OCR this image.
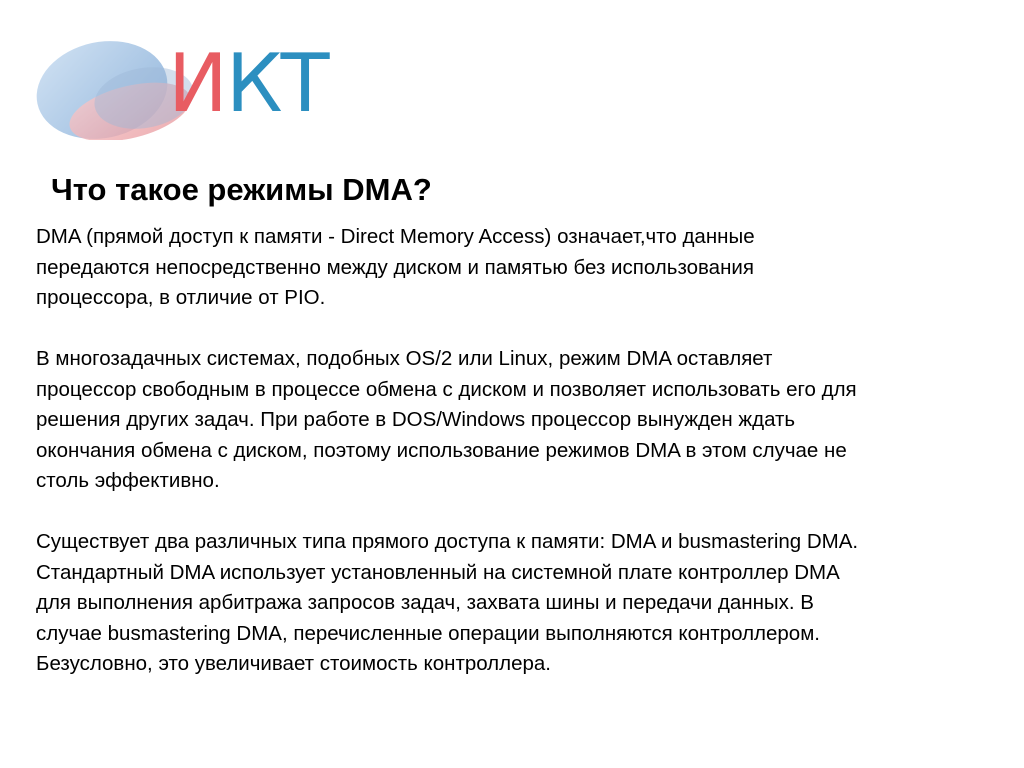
ИКТ
Что такое режимы DMA?

DMA (прямой доступ к памяти - Direct Memory Access) означает,что данные
передаются непосредственно между диском и памятью без использования
процессора, в отличие от PIO.

В многозадачных системах, подобных OS/2 или Linux, режим DMA оставляет
процессор свободным в процессе обмена с диском и позволяет использовать его для
решения других задач. При работе в DOS/Windows процессор вынужден ждать
окончания обмена с диском, поэтому использование режимов DMA в этом случае не
столь эффективно.

Существует два различных типа прямого доступа к памяти: DMA и busmastering DMA.
Стандартный DMA использует установленный на системной плате контроллер DMA
для выполнения арбитража запросов задач, захвата шины и передачи данных. В
случае busmastering DMA, перечисленные операции выполняются контроллером.
Безусловно, это увеличивает стоимость контроллера.
